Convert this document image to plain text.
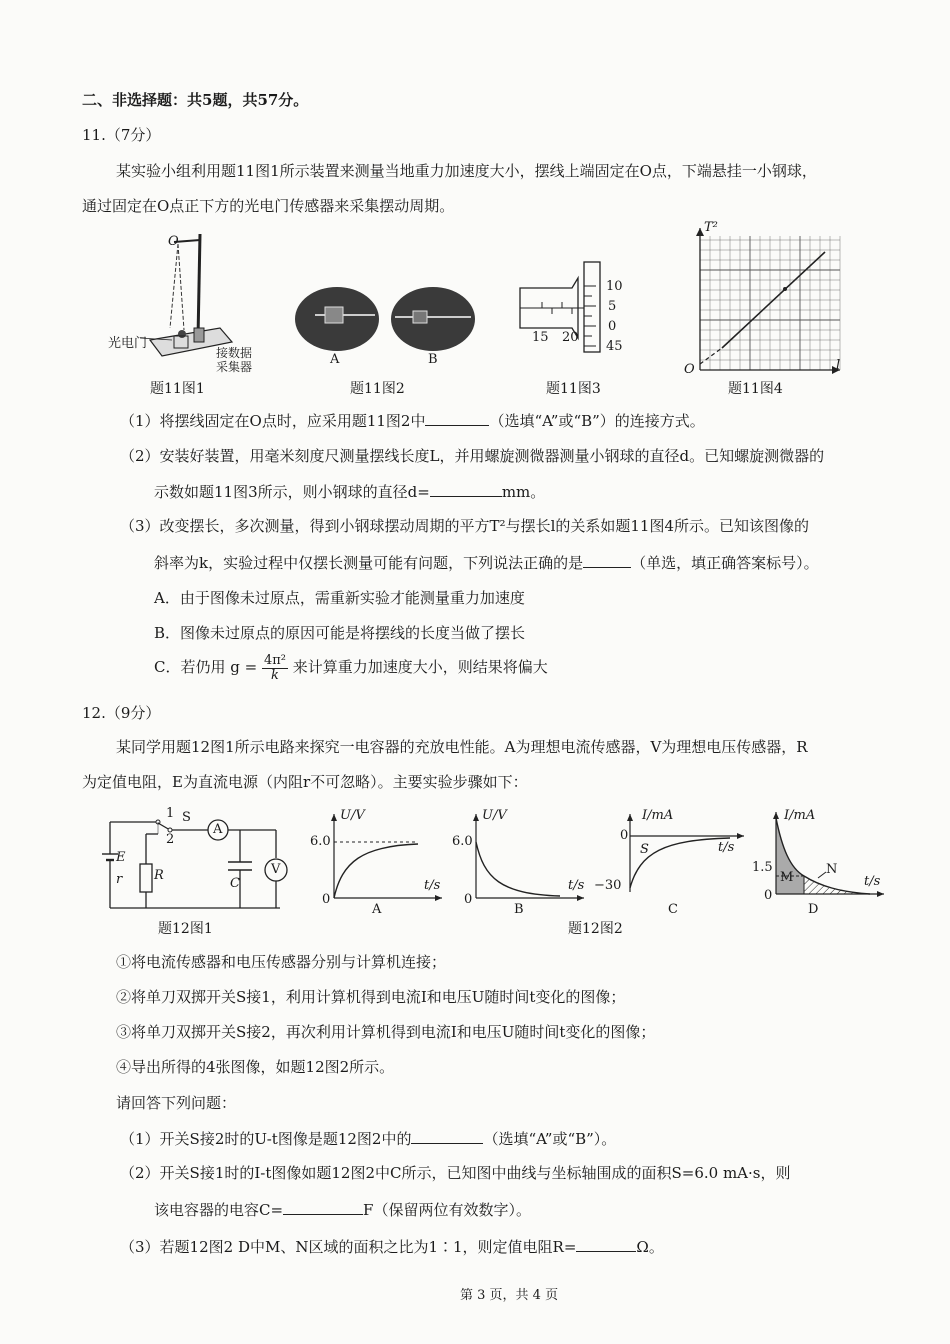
二、非选择题：共5题，共57分。
11.（7分）
某实验小组利用题11图1所示装置来测量当地重力加速度大小，摆线上端固定在O点，下端悬挂一小钢球，
通过固定在O点正下方的光电门传感器来采集摆动周期。
O
光电门
接数据
采集器
题11图1
A	B
题11图2
15 20
10
5
0
45
题11图3
T²
l
O
题11图4
（1）将摆线固定在O点时，应采用题11图2中	（选填“A”或“B”）的连接方式。
（2）安装好装置，用毫米刻度尺测量摆线长度L，并用螺旋测微器测量小钢球的直径d。已知螺旋测微器的
示数如题11图3所示，则小钢球的直径d=	mm。
（3）改变摆长，多次测量，得到小钢球摆动周期的平方T²与摆长l的关系如题11图4所示。已知该图像的
斜率为k，实验过程中仅摆长测量可能有问题，下列说法正确的是	（单选，填正确答案标号）。
A．由于图像未过原点，需重新实验才能测量重力加速度
B．图像未过原点的原因可能是将摆线的长度当做了摆长
C．若仍用 $g = \frac{\text{4π²}}{k}$ 来计算重力加速度大小，则结果将偏大
12.（9分）
某同学用题12图1所示电路来探究一电容器的充放电性能。A为理想电流传感器，V为理想电压传感器，R
为定值电阻，E为直流电源（内阻r不可忽略）。主要实验步骤如下：
1
2
S
A
V
E
r R
C
题12图1
U/V
t/s
6.0
0
A
U/V
t/s
6.0
0
B
I/mA
t/s
−30
0
S
C
I/mA
t/s
1.5
0
M
N
D
题12图2
①将电流传感器和电压传感器分别与计算机连接；
②将单刀双掷开关S接1，利用计算机得到电流I和电压U随时间t变化的图像；
③将单刀双掷开关S接2，再次利用计算机得到电流I和电压U随时间t变化的图像；
④导出所得的4张图像，如题12图2所示。
请回答下列问题：
（1）开关S接2时的U-t图像是题12图2中的	（选填“A”或“B”）。
（2）开关S接1时的I-t图像如题12图2中C所示，已知图中曲线与坐标轴围成的面积S=6.0 mA·s，则
该电容器的电容C=	F（保留两位有效数字）。
（3）若题12图2 D中M、N区域的面积之比为1∶1，则定值电阻R=	Ω。
第 3 页，共 4 页
